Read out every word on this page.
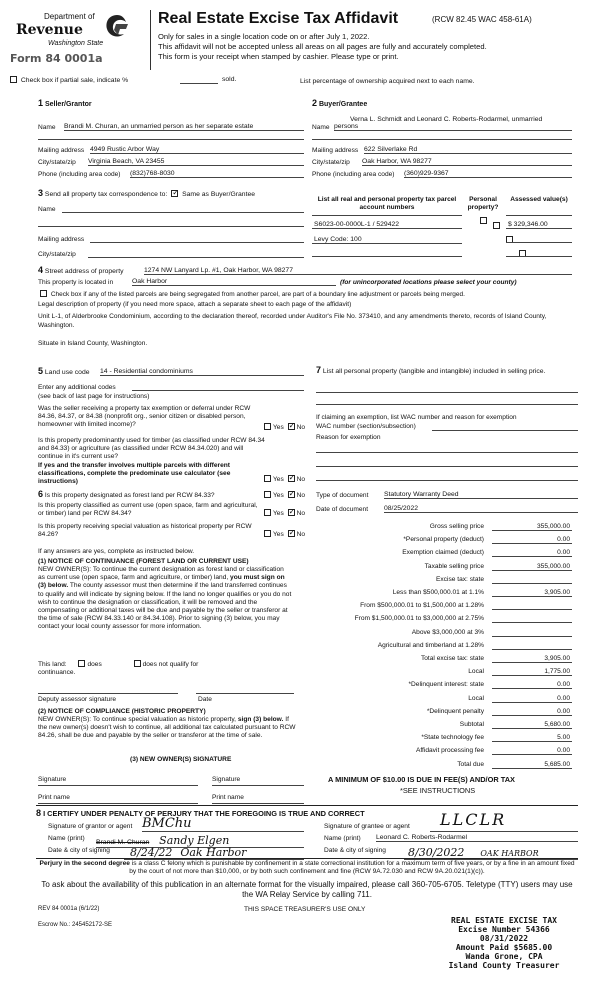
Department of
Revenue
Washington State
Form 84 0001a
Real Estate Excise Tax Affidavit	(RCW 82.45 WAC 458-61A)
Only for sales in a single location code on or after July 1, 2022.
This affidavit will not be accepted unless all areas on all pages are fully and accurately completed.
This form is your receipt when stamped by cashier. Please type or print.
Check box if partial sale, indicate %	sold.	List percentage of ownership acquired next to each name.
1 Seller/Grantor
Name Brandi M. Churan, an unmarried person as her separate estate
Mailing address 4949 Rustic Arbor Way
City/state/zip Virginia Beach, VA 23455
Phone (including area code) (832)768-8030
2 Buyer/Grantee
Verna L. Schmidt and Leonard C. Roberts-Rodarmel, unmarried
Name persons
Mailing address 622 Silverlake Rd
City/state/zip Oak Harbor, WA 98277
Phone (including area code) (360)929-9367
3 Send all property tax correspondence to: ✓ Same as Buyer/Grantee
Name
Mailing address
City/state/zip
List all real and personal property tax parcel account numbers
Personal property?
Assessed value(s)

S6023-00-0000L-1 / 529422
	$ 329,346.00
Levy Code: 100

4 Street address of property	1274 NW Lanyard Lp. #1, Oak Harbor, WA 98277
This property is located in	Oak Harbor	(for unincorporated locations please select your county)
Check box if any of the listed parcels are being segregated from another parcel, are part of a boundary line adjustment or parcels being merged.
Legal description of property (if you need more space, attach a separate sheet to each page of the affidavit)
Unit L-1, of Alderbrooke Condominium, according to the declaration thereof, recorded under Auditor's File No. 373410, and any amendments thereto, records of Island County, Washington.
Situate in Island County, Washington.
5 Land use code 14 - Residential condominiums
Enter any additional codes
(see back of last page for instructions)
Was the seller receiving a property tax exemption or deferral under RCW 84.36, 84.37, or 84.38 (nonprofit org., senior citizen or disabled person, homeowner with limited income)?	Yes ✓ No
Is this property predominantly used for timber (as classified under RCW 84.34 and 84.33) or agriculture (as classified under RCW 84.34.020) and will continue in it's current use?
If yes and the transfer involves multiple parcels with different classifications, complete the predominate use calculator (see instructions)	Yes ✓ No
7 List all personal property (tangible and intangible) included in selling price.
If claiming an exemption, list WAC number and reason for exemption
WAC number (section/subsection)
Reason for exemption
6 Is this property designated as forest land per RCW 84.33?	Yes ✓ No
Is this property classified as current use (open space, farm and agricultural, or timber) land per RCW 84.34?	Yes ✓ No
Is this property receiving special valuation as historical property per RCW 84.26?	Yes ✓ No
If any answers are yes, complete as instructed below.
(1) NOTICE OF CONTINUANCE (FOREST LAND OR CURRENT USE)
NEW OWNER(S): To continue the current designation as forest land or classification as current use (open space, farm and agriculture, or timber) land, you must sign on (3) below. The county assessor must then determine if the land transferred continues to qualify and will indicate by signing below. If the land no longer qualifies or you do not wish to continue the designation or classification, it will be removed and the compensating or additional taxes will be due and payable by the seller or transferor at the time of sale (RCW 84.33.140 or 84.34.108). Prior to signing (3) below, you may contact your local county assessor for more information.
This land:	does	does not qualify for
continuance.
Deputy assessor signature	Date
(2) NOTICE OF COMPLIANCE (HISTORIC PROPERTY)
NEW OWNER(S): To continue special valuation as historic property, sign (3) below. If the new owner(s) doesn't wish to continue, all additional tax calculated pursuant to RCW 84.26, shall be due and payable by the seller or transferor at the time of sale.
(3) NEW OWNER(S) SIGNATURE
Signature	Signature
Print name	Print name
Type of document Statutory Warranty Deed
Date of document 08/25/2022
Gross selling price	355,000.00
*Personal property (deduct)	0.00
Exemption claimed (deduct)	0.00
Taxable selling price	355,000.00
Excise tax: state

Less than $500,000.01 at 1.1%	3,905.00
From $500,000.01 to $1,500,000 at 1.28%

From $1,500,000.01 to $3,000,000 at 2.75%

Above $3,000,000 at 3%

Agricultural and timberland at 1.28%

Total excise tax: state	3,905.00
Local	1,775.00
*Delinquent interest: state	0.00
Local	0.00
*Delinquent penalty	0.00
Subtotal	5,680.00
*State technology fee	5.00
Affidavit processing fee	0.00
Total due	5,685.00
A MINIMUM OF $10.00 IS DUE IN FEE(S) AND/OR TAX
*SEE INSTRUCTIONS
8 I CERTIFY UNDER PENALTY OF PERJURY THAT THE FOREGOING IS TRUE AND CORRECT
Signature of grantor or agent BMChu
Name (print)
Brandi M. Churan Sandy Elgen
Date & city of signing	8/24/22 Oak Harbor
Signature of grantee or agent LLCLR
Name (print) Leonard C. Roberts-Rodarmel
Date & city of signing	8/30/2022 OAK HARBOR
Perjury in the second degree is a class C felony which is punishable by confinement in a state correctional institution for a maximum term of five years, or by a fine in an amount fixed by the court of not more than $10,000, or by both such confinement and fine (RCW 9A.72.030 and RCW 9A.20.021(1)(c)).
To ask about the availability of this publication in an alternate format for the visually impaired, please call 360-705-6705. Teletype (TTY) users may use the WA Relay Service by calling 711.
REV 84 0001a (6/1/22)	THIS SPACE TREASURER'S USE ONLY
Escrow No.: 245452172-SE	REAL ESTATE EXCISE TAX
Excise Number 54366
08/31/2022
Amount Paid $5685.00
Wanda Grone, CPA
Island County Treasurer
